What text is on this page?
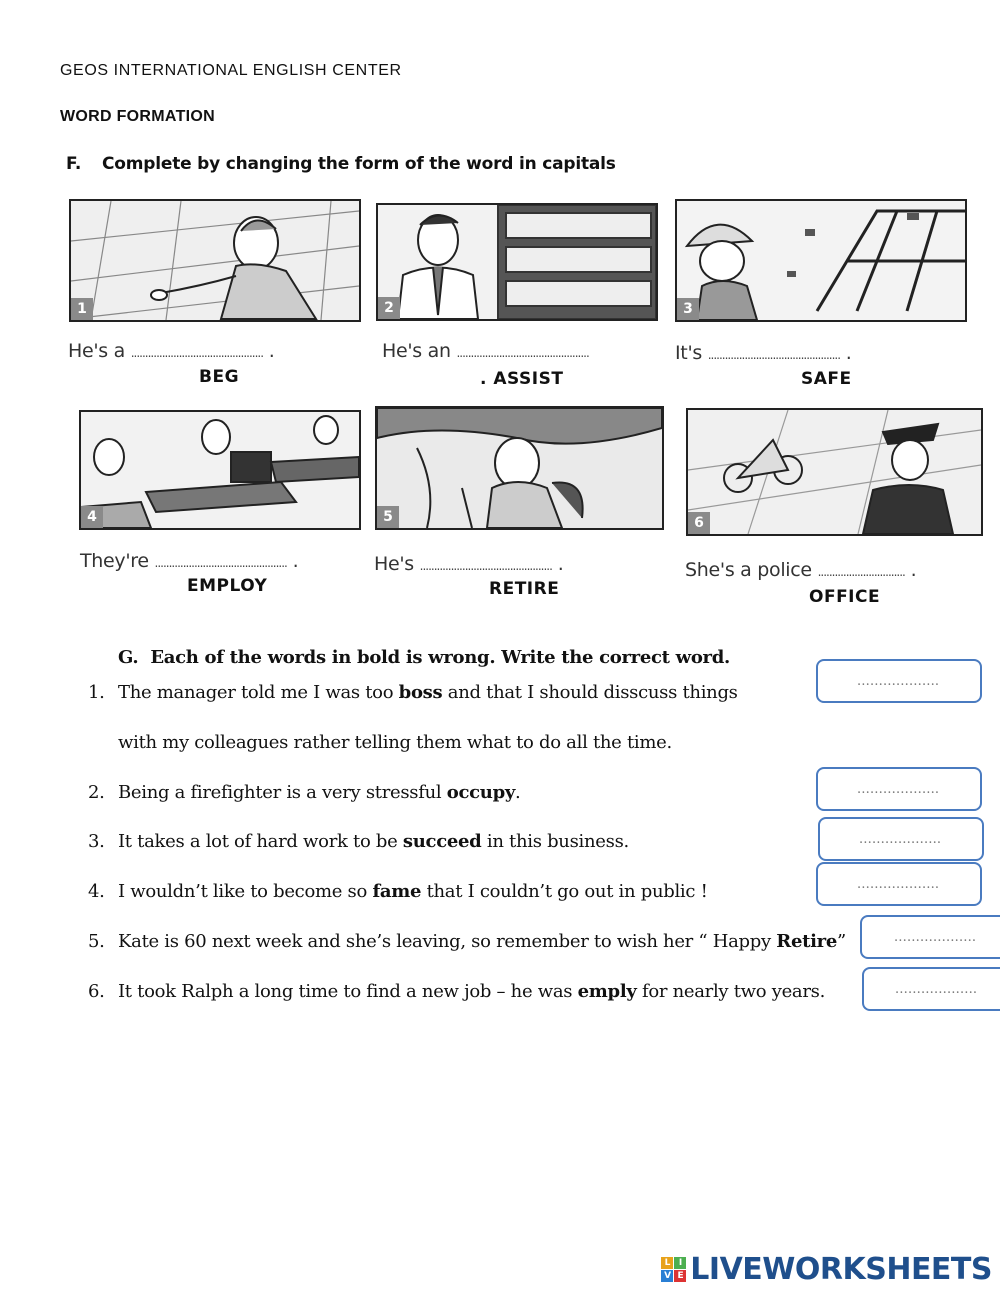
GEOS INTERNATIONAL ENGLISH CENTER
WORD FORMATION
F. Complete by changing the form of the word in capitals
1	2	3
He's a ............................................... .	He's an ...............................................	It's ............................................... .
BEG	. ASSIST	SAFE
4	5	6
They're ............................................... .	He's ............................................... .	She's a police ............................... .
EMPLOY	RETIRE	OFFICE
G. Each of the words in bold is wrong. Write the correct word.
1. The manager told me I was too boss and that I should disscuss things
with my colleagues rather telling them what to do all the time.
2. Being a firefighter is a very stressful occupy.
3. It takes a lot of hard work to be succeed in this business.
4. I wouldn’t like to become so fame that I couldn’t go out in public !
5. Kate is 60 next week and she’s leaving, so remember to wish her “ Happy Retire”
6. It took Ralph a long time to find a new job – he was emply for nearly two years.
……………….
……………….
……………….
……………….
……………….
……………….
L I
V E LIVEWORKSHEETS
